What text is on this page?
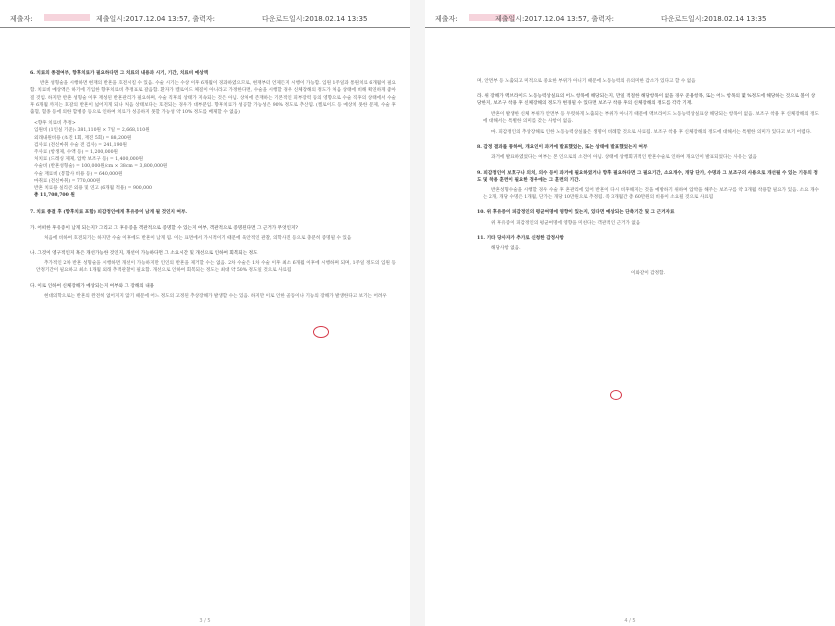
제출자:	제출일시:2017.12.04 13:57, 출력자:	다운로드일시:2018.02.14 13:35
6. 치료의 종결여부, 향후치료가 필요하다면 그 치료의 내용과 시기, 기간, 치료비 예상액
반흔 성형술을 시행하면 현재의 반흔을 호전시킬 수 있음. 수술 시기는 수상 이후 6개월이 경과하였으므로, 현재부터 언제든지 시행이 가능함. 입원 1주일과 통원치료 6개월이 필요함. 치료비 예상액은 하기에 기입한 향후치료비 추정표로 갈음함. 환자가 켈로이드 체질이 아니라고 가정한다면, 수술을 시행할 경우 신체장해의 정도가 처음 상태에 비해 획연하게 좋아질 것임. 하지만 반흔 성형술 이후 재성된 반흔관리가 필요하며, 수술 직후의 상태가 지속되는 것은 아님. 상처에 존재하는 기본적인 피부장력 등의 영향으로 수술 직후의 상태에서 수술 후 6개월 까지는 호갈의 반흔이 넓어지게 되나 처음 상태보다는 호전되는 경우가 대부분임. 향후치료가 성공할 가능성은 90% 정도로 추산됨. (켈로이드 등 예상치 못한 문제, 수술 후 출혈, 혈종 등에 의한 합병증 등으로 인하여 치료가 성공하지 못할 가능성 약 10% 정도를 배제할 수 없음)
<향후 치료비 추정>
입원비 (1인실 기준): 381,110원 × 7일 = 2,668,110원
외래내원비용 (초진 1회, 재진 5회) = 88,200원
검사료 (전신마취 수술 전 검사) = 241,190원
주사료 (항생제, 수액 등) = 1,200,000원
처치료 (드레싱 제제, 압박 보조구 등) = 1,400,000원
수술비 (반흔성형술) = 100,000원/cm × 38cm = 3,800,000원
수술 재료비 (봉합사 비용 등) = 640,000원
마취료 (전신마취) = 770,000원
반흔 치료용 실리콘 외용 및 연고 (6개월 적용) = 900,000
총 11,708,700 원
7. 치료 종결 후 (향후치료 포함) 피감정인에게 후유증이 남게 될 것인지 여부.
가. 어떠한 후유증이 남게 되는지? 그리고 그 후유증을 객관적으로 증명할 수 있는지 여부, 객관적으로 증명된다면 그 근거가 무엇인지?
처음에 비하여 호전되기는 하지만 수술 이후에도 반흔이 남게 됨. 이는 표면에서 가시적이기 때문에 육안적인 관찰, 의학사진 등으로 충분히 증명될 수 있음
나. 그것이 영구적인지 혹은 개선가능한 것인지, 개선이 가능하다면 그 소요시간 및 개선으로 인하여 회복되는 정도
추가적인 2차 반흔 성형술을 시행하면 개선이 가능하지만 인인의 반흔을 제거할 수는 없음. 2차 수술은 1차 수술 이후 최소 6개월 이후에 시행하며 되며, 1주일 정도의 입원 등 안정기간이 필요하고 최소 1개월 외래 추적관찰이 필요함. 개선으로 인하여 회복되는 정도는 최대 약 50% 정도일 것으로 사료됨
다. 이로 인하여 신체장해가 예상되는지 여부와 그 장해의 내용
현대의학으로는 반흔의 완전히 없어지지 않기 때문에 어느 정도의 고정된 추상장해가 발생할 수는 있음. 하지만 이로 인한 골동이나 기능의 장해가 발생한다고 보기는 어려우
3 / 5
제출자:	제출일시:2017.12.04 13:57, 출력자:	다운로드일시:2018.02.14 13:35
며, 안면부 등 노출되고 미적으로 중요한 부위가 아니기 때문에 노동능력의 유의미한 감소가 있다고 할 수 없음
라. 위 장해가 맥브라이드 노동능력상실표의 어느 항목에 해당되는지, 만일 적절한 해당항목이 없을 경우 준용항목, 또는 어느 항목의 몇 %정도에 해당하는 것으로 볼이 상당한지, 보조구 착용 후 신체장해의 정도가 변경될 수 있다면 보조구 착용 후의 신체장해의 정도를 각각 기재.
반흔이 발생한 신체 부위가 안면부 등 두렷하게 노출되는 부위가 아니기 때문에 맥브라이드 노동능력상실표상 해당되는 항목이 없음. 보조구 착용 후 신체장해의 정도에 대해서는 특별한 의미를 갖는 사항이 없음.
마. 피감정인의 추상장해로 인한 노동능력상실률은 생명이 비례할 것으로 사료됨. 보조구 착용 후 신체장해의 정도에 대해서는 특별한 의미가 있다고 보기 어렵다.
8. 감정 결과를 통하여, 개요인이 과거에 발표했었는, 또는 상태에 발표했었는지 여부
과거에 발표하였었다는 여부는 본 인으로의 소견이 아님. 상태에 상행회귀적인 반흔수술로 인하여 개요인이 발표되었다는 사유는 없음
9. 피감정인이 보호구나 의치, 의수 등이 과거에 필요하였거나 향후 필요하다면 그 필요기간, 소요개수, 개당 단가, 수명과 그 보조구의 사용으로 개선될 수 있는 기동의 정도 및 착용 훈련이 필요한 경우에는 그 훈련의 기간.
반흔성형수술을 시행할 경우 수술 후 흔관리에 있어 반흔이 다시 비후해지는 것을 예방하기 위하여 압박을 해주는 보조구를 약 3개월 착용할 필요가 있음. 소요 개수는 2개, 개당 수명은 1개월, 단가는 개당 10만원으로 추정됨. 즉 3개월간 총 60만원의 비용이 소요될 것으로 사료됨
10. 위 후유증이 피감정인의 평균여명에 영향이 있는지, 있다면 예상되는 단축기간 및 그 근거자료
위 후유증이 피감정인의 평균여명에 영향을 미친다는 객관적인 근거가 없음
11. 기타 당사자가 추가로 신청한 감정사항
해당사항 없음.
이와같이 감정함.
4 / 5
